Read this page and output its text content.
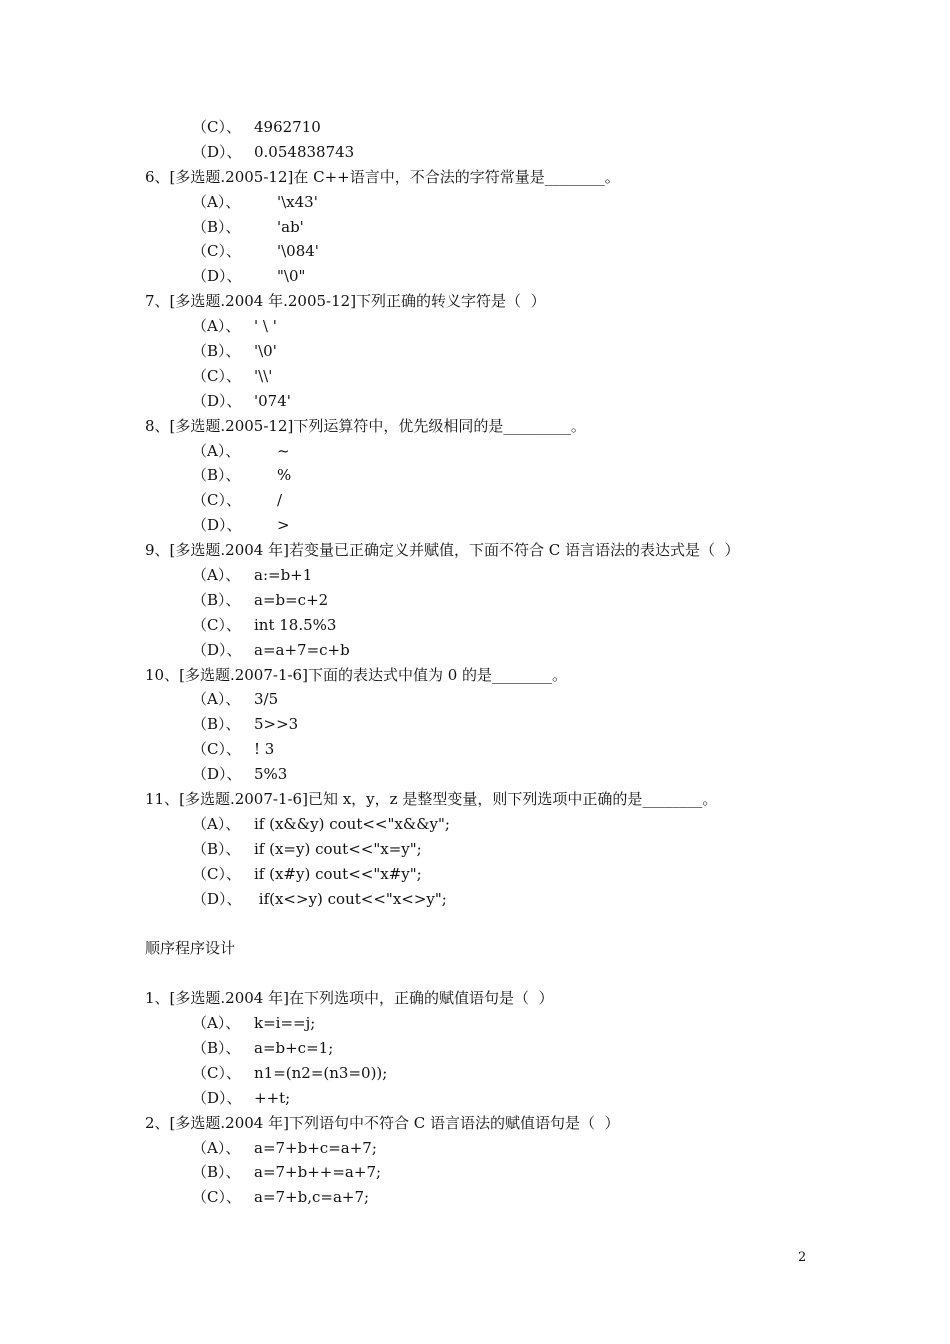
（C）、 4962710
（D）、 0.054838743
6、[多选题.2005-12]在 C++语言中，不合法的字符常量是________。
（A）、 '\x43'
（B）、 'ab'
（C）、 '\084'
（D）、 "\0"
7、[多选题.2004 年.2005-12]下列正确的转义字符是（  ）
（A）、 ' \ '
（B）、 '\0'
（C）、 '\\'
（D）、 '074'
8、[多选题.2005-12]下列运算符中，优先级相同的是_________。
（A）、 ~
（B）、 %
（C）、 /
（D）、 >
9、[多选题.2004 年]若变量已正确定义并赋值，下面不符合 C 语言语法的表达式是（  ）
（A）、 a:=b+1
（B）、 a=b=c+2
（C）、 int 18.5%3
（D）、 a=a+7=c+b
10、[多选题.2007-1-6]下面的表达式中值为 0 的是________。
（A）、 3/5
（B）、 5>>3
（C）、 ! 3
（D）、 5%3
11、[多选题.2007-1-6]已知 x，y，z 是整型变量，则下列选项中正确的是________。
（A）、 if (x&&y) cout<<"x&&y";
（B）、 if (x=y) cout<<"x=y";
（C）、 if (x#y) cout<<"x#y";
（D）、 if(x<>y) cout<<"x<>y";
顺序程序设计
1、[多选题.2004 年]在下列选项中，正确的赋值语句是（  ）
（A）、 k=i==j;
（B）、 a=b+c=1;
（C）、 n1=(n2=(n3=0));
（D）、 ++t;
2、[多选题.2004 年]下列语句中不符合 C 语言语法的赋值语句是（  ）
（A）、 a=7+b+c=a+7;
（B）、 a=7+b++=a+7;
（C）、 a=7+b,c=a+7;
2
